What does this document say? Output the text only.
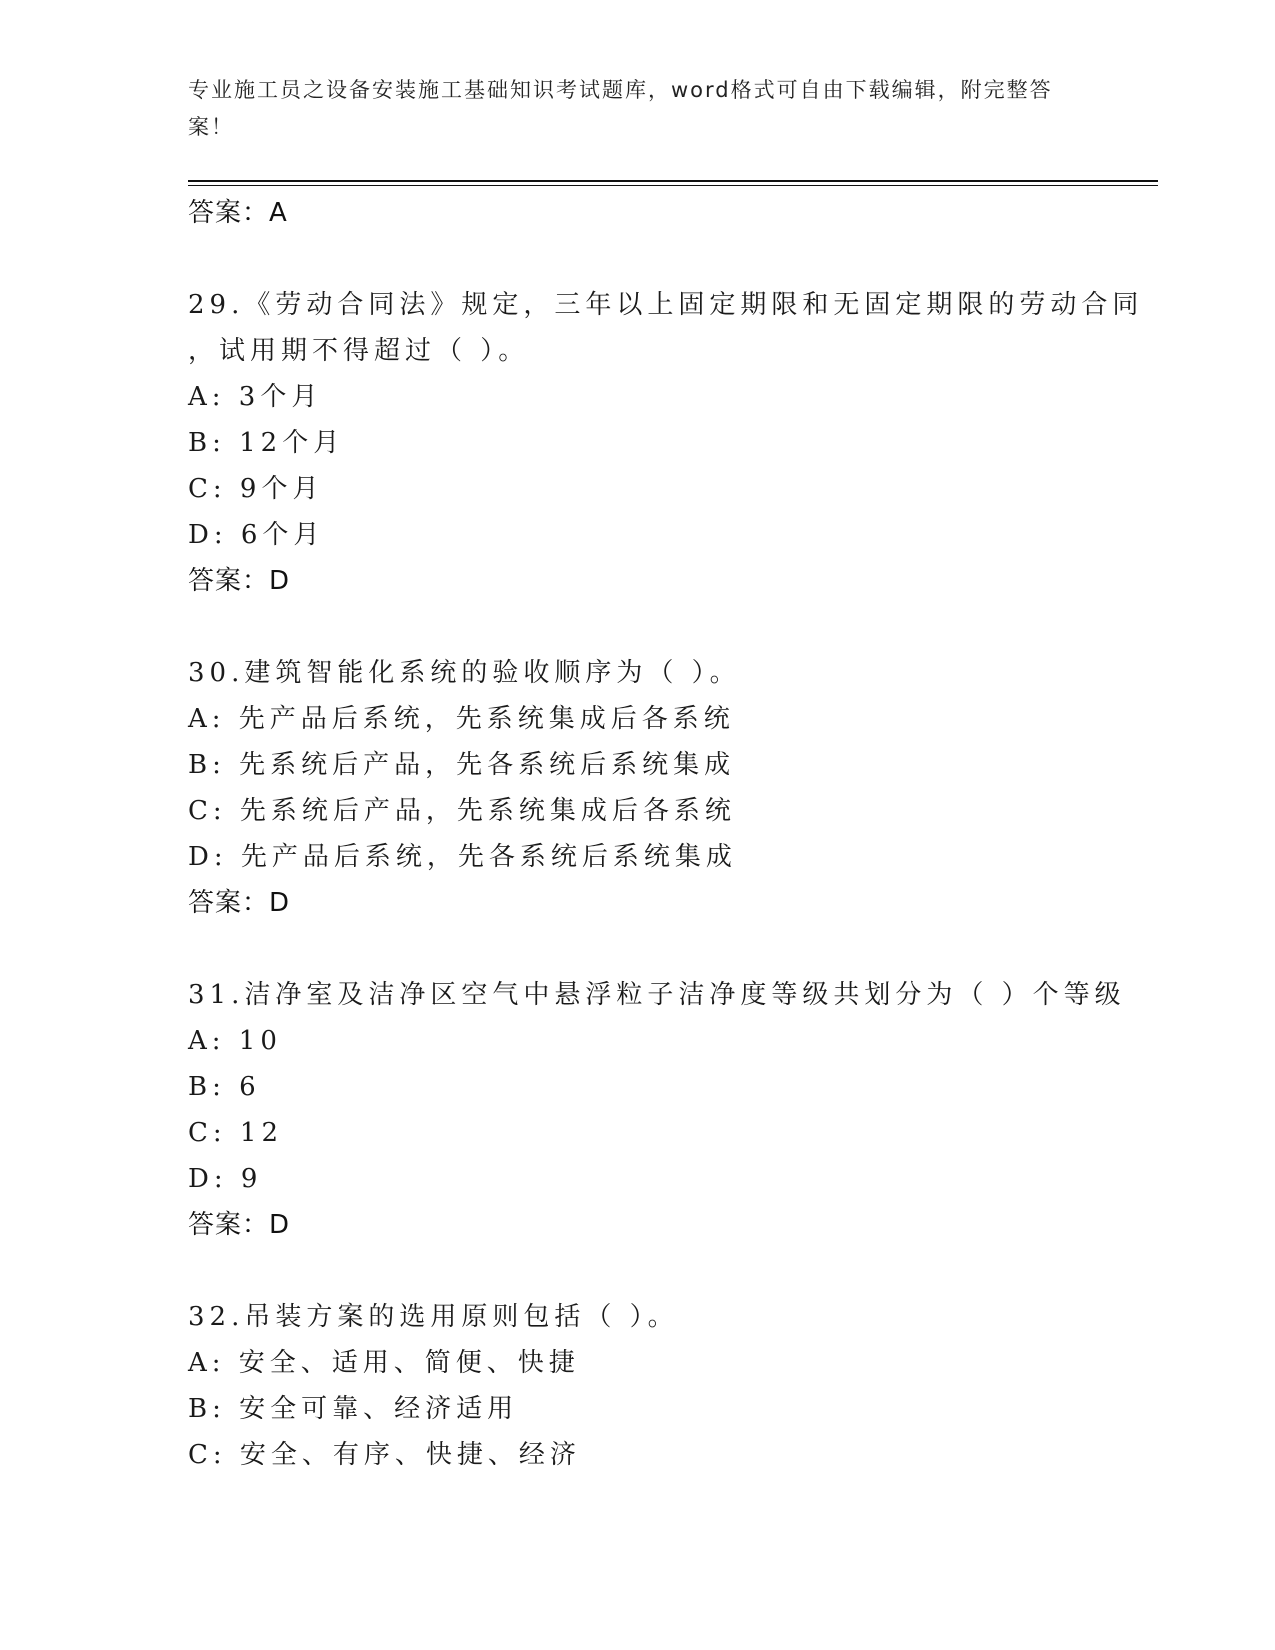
专业施工员之设备安装施工基础知识考试题库，word格式可自由下载编辑，附完整答案！
答案：A
29.《劳动合同法》规定，三年以上固定期限和无固定期限的劳动合同
，试用期不得超过（ ）。
A: 3个月
B: 12个月
C: 9个月
D: 6个月
答案：D
30.建筑智能化系统的验收顺序为（ ）。
A: 先产品后系统，先系统集成后各系统
B: 先系统后产品，先各系统后系统集成
C: 先系统后产品，先系统集成后各系统
D: 先产品后系统，先各系统后系统集成
答案：D
31.洁净室及洁净区空气中悬浮粒子洁净度等级共划分为（ ）个等级
A: 10
B: 6
C: 12
D: 9
答案：D
32.吊装方案的选用原则包括（ ）。
A: 安全、适用、简便、快捷
B: 安全可靠、经济适用
C: 安全、有序、快捷、经济
